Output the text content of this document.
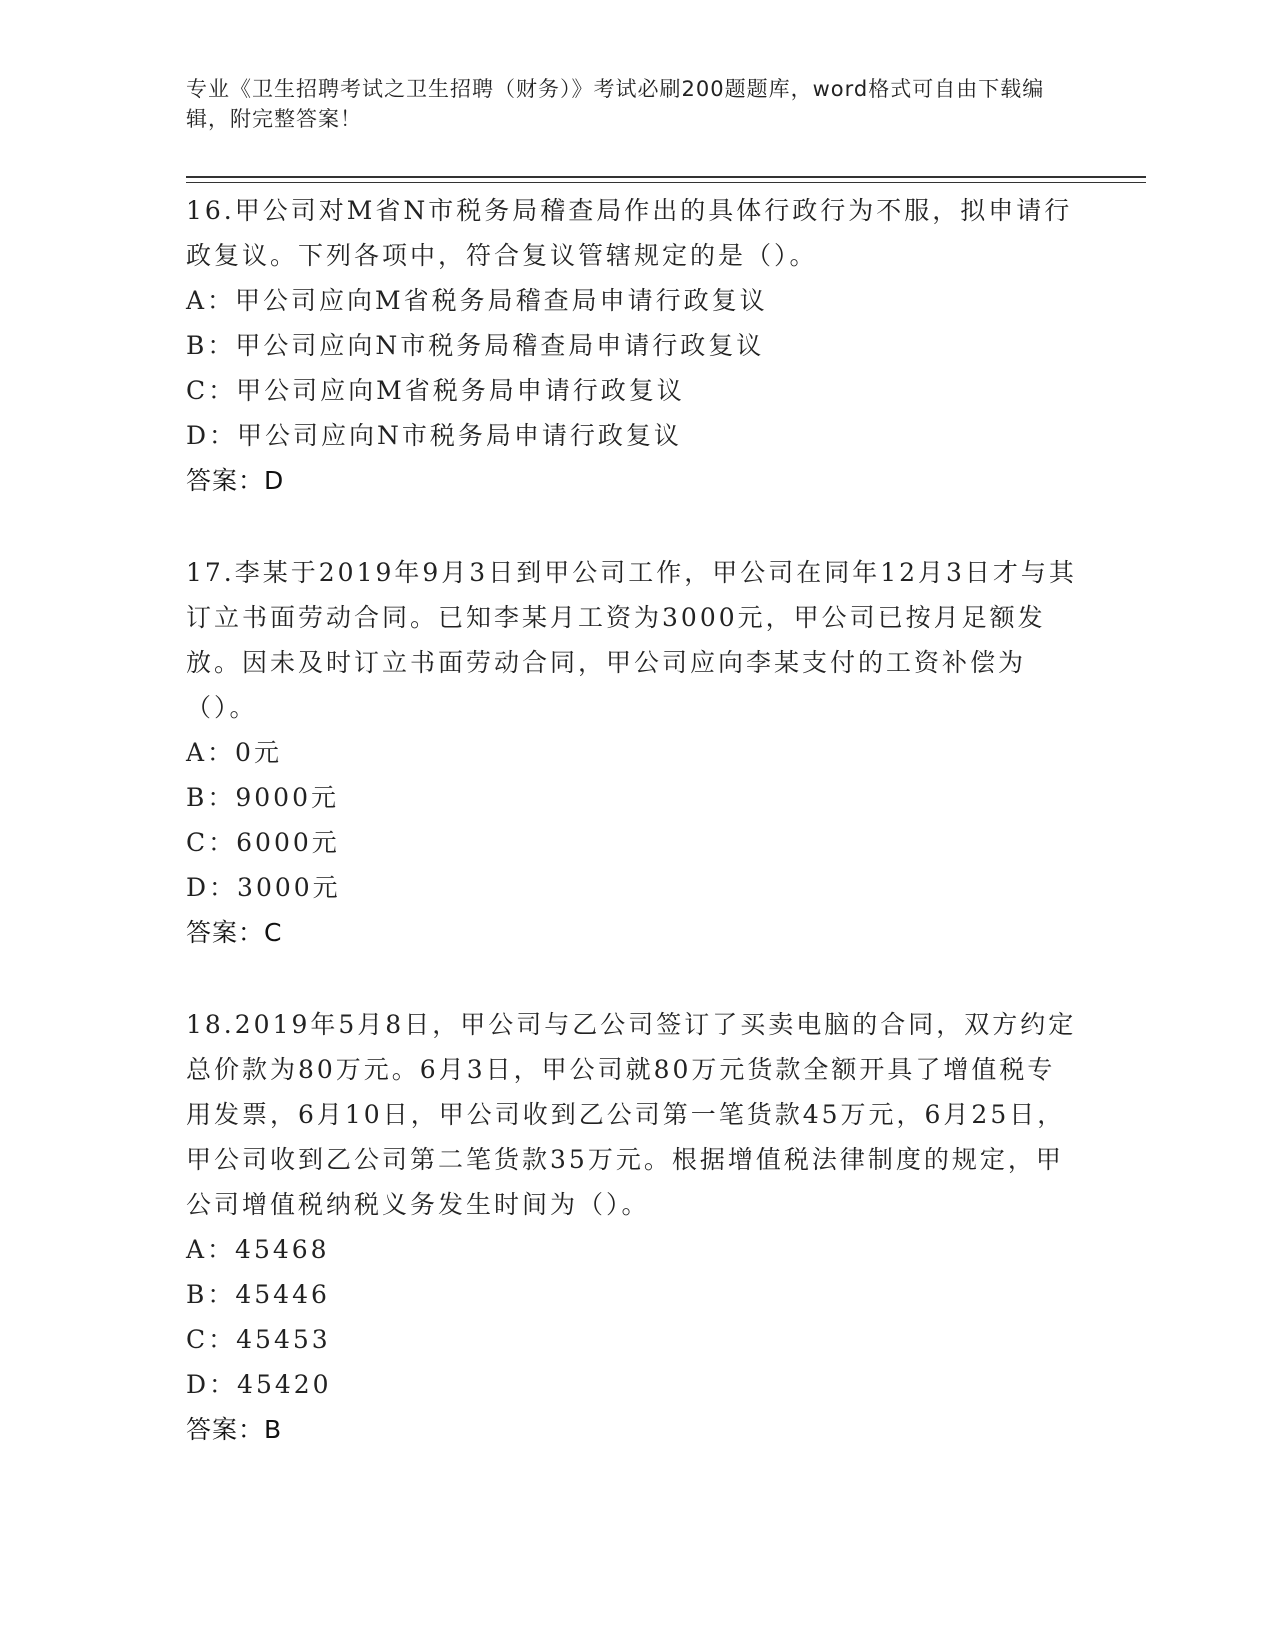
专业《卫生招聘考试之卫生招聘（财务）》考试必刷200题题库，word格式可自由下载编辑，附完整答案！
16.甲公司对M省N市税务局稽查局作出的具体行政行为不服，拟申请行政复议。下列各项中，符合复议管辖规定的是（）。
A：甲公司应向M省税务局稽查局申请行政复议
B：甲公司应向N市税务局稽查局申请行政复议
C：甲公司应向M省税务局申请行政复议
D：甲公司应向N市税务局申请行政复议
答案：D
17.李某于2019年9月3日到甲公司工作，甲公司在同年12月3日才与其订立书面劳动合同。已知李某月工资为3000元，甲公司已按月足额发放。因未及时订立书面劳动合同，甲公司应向李某支付的工资补偿为（）。
A：0元
B：9000元
C：6000元
D：3000元
答案：C
18.2019年5月8日，甲公司与乙公司签订了买卖电脑的合同，双方约定总价款为80万元。6月3日，甲公司就80万元货款全额开具了增值税专用发票，6月10日，甲公司收到乙公司第一笔货款45万元，6月25日，甲公司收到乙公司第二笔货款35万元。根据增值税法律制度的规定，甲公司增值税纳税义务发生时间为（）。
A：45468
B：45446
C：45453
D：45420
答案：B
